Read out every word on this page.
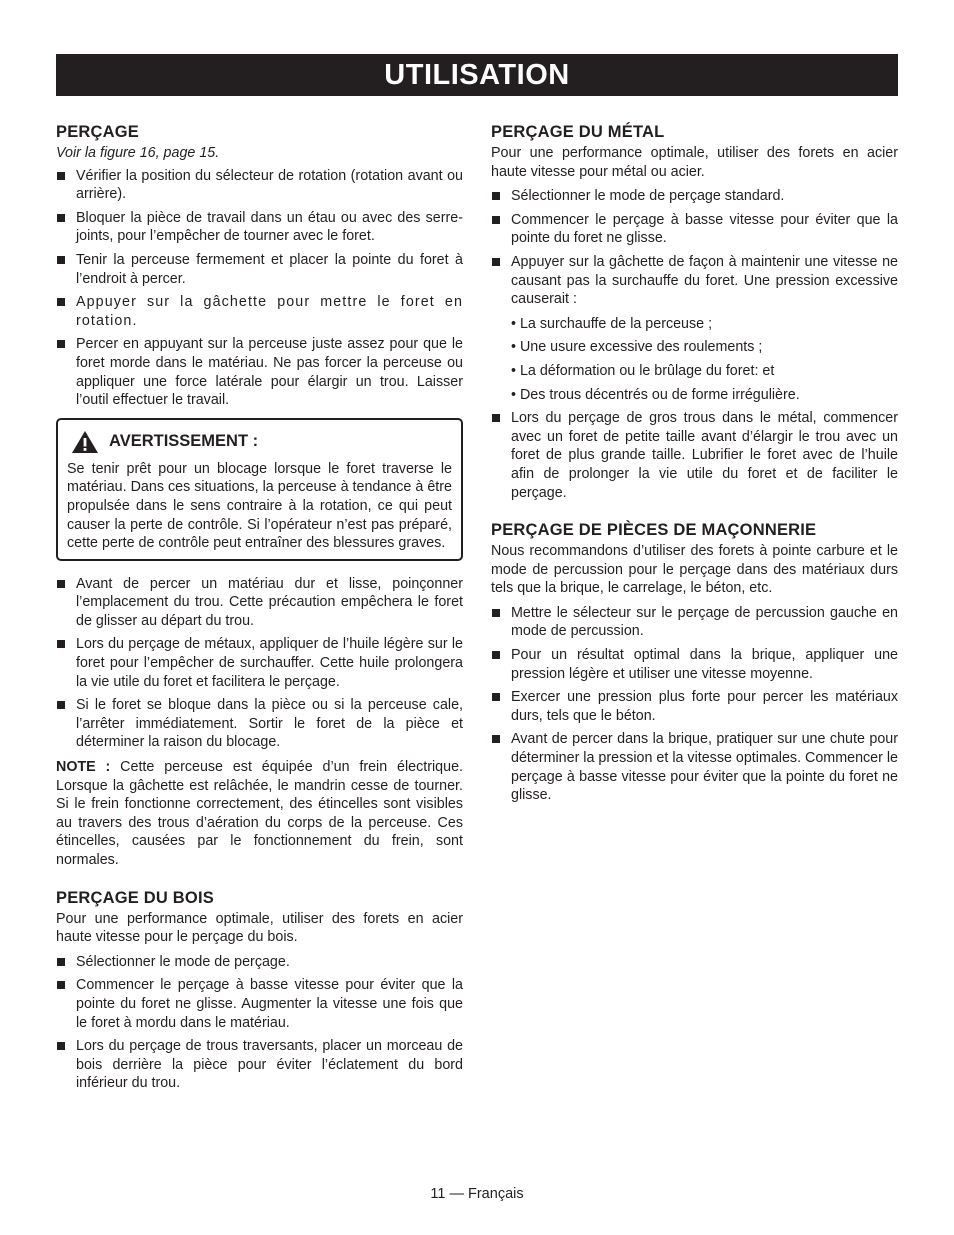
UTILISATION
PERÇAGE
Voir la figure 16, page 15.
Vérifier la position du sélecteur de rotation (rotation avant ou arrière).
Bloquer la pièce de travail dans un étau ou avec des serre-joints, pour l’empêcher de tourner avec le foret.
Tenir la perceuse fermement et placer la pointe du foret à l’endroit à percer.
Appuyer sur la gâchette pour mettre le foret en rotation.
Percer en appuyant sur la perceuse juste assez pour que le foret morde dans le matériau. Ne pas forcer la perceuse ou appliquer une force latérale pour élargir un trou. Laisser l’outil effectuer le travail.
AVERTISSEMENT :

Se tenir prêt pour un blocage lorsque le foret traverse le matériau. Dans ces situations, la perceuse à tendance à être propulsée dans le sens contraire à la rotation, ce qui peut causer la perte de contrôle. Si l’opérateur n’est pas préparé, cette perte de contrôle peut entraîner des blessures graves.

Avant de percer un matériau dur et lisse, poinçonner l’emplacement du trou. Cette précaution empêchera le foret de glisser au départ du trou.
Lors du perçage de métaux, appliquer de l’huile légère sur le foret pour l’empêcher de surchauffer. Cette huile prolongera la vie utile du foret et facilitera le perçage.
Si le foret se bloque dans la pièce ou si la perceuse cale, l’arrêter immédiatement. Sortir le foret de la pièce et déterminer la raison du blocage.

NOTE : Cette perceuse est équipée d’un frein électrique. Lorsque la gâchette est relâchée, le mandrin cesse de tourner. Si le frein fonctionne correctement, des étincelles sont visibles au travers des trous d’aération du corps de la perceuse. Ces étincelles, causées par le fonctionnement du frein, sont normales.

PERÇAGE DU BOIS

Pour une performance optimale, utiliser des forets en acier haute vitesse pour le perçage du bois.

Sélectionner le mode de perçage.
Commencer le perçage à basse vitesse pour éviter que la pointe du foret ne glisse. Augmenter la vitesse une fois que le foret à mordu dans le matériau.
Lors du perçage de trous traversants, placer un morceau de bois derrière la pièce pour éviter l’éclatement du bord inférieur du trou.
PERÇAGE DU MÉTAL

Pour une performance optimale, utiliser des forets en acier haute vitesse pour métal ou acier.

Sélectionner le mode de perçage standard.
Commencer le perçage à basse vitesse pour éviter que la pointe du foret ne glisse.
Appuyer sur la gâchette de façon à maintenir une vitesse ne causant pas la surchauffe du foret. Une pression excessive causerait :
• La surchauffe de la perceuse ;
• Une usure excessive des roulements ;
• La déformation ou le brûlage du foret: et
• Des trous décentrés ou de forme irrégulière.
Lors du perçage de gros trous dans le métal, commencer avec un foret de petite taille avant d’élargir le trou avec un foret de plus grande taille. Lubrifier le foret avec de l’huile afin de prolonger la vie utile du foret et de faciliter le perçage.
PERÇAGE DE PIÈCES DE MAÇONNERIE

Nous recommandons d’utiliser des forets à pointe carbure et le mode de percussion pour le perçage dans des matériaux durs tels que la brique, le carrelage, le béton, etc.

Mettre le sélecteur sur le perçage de percussion gauche en mode de percussion.
Pour un résultat optimal dans la brique, appliquer une pression légère et utiliser une vitesse moyenne.
Exercer une pression plus forte pour percer les matériaux durs, tels que le béton.
Avant de percer dans la brique, pratiquer sur une chute pour déterminer la pression et la vitesse optimales. Commencer le perçage à basse vitesse pour éviter que la pointe du foret ne glisse.
11 — Français
